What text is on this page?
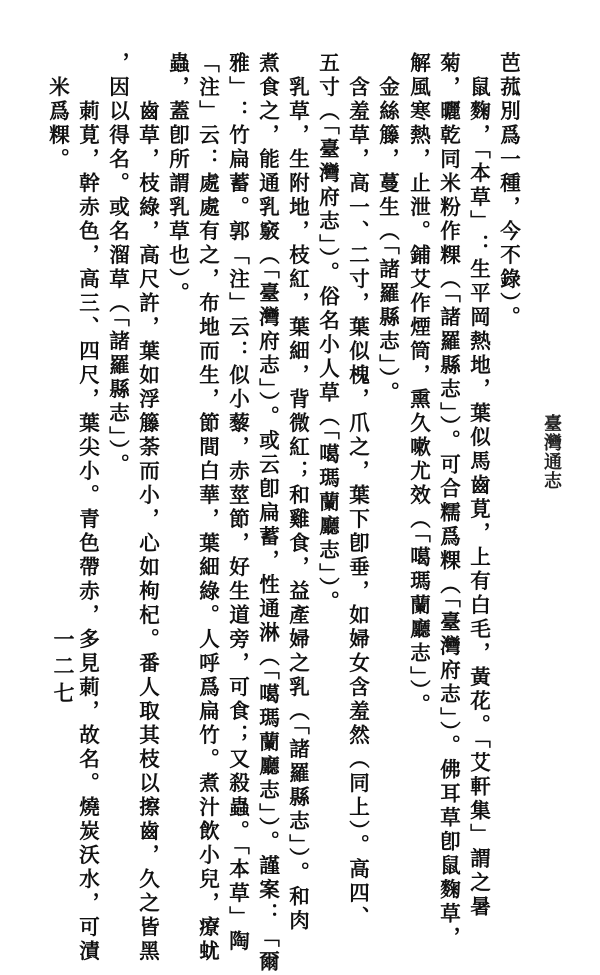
臺灣通志
芭菰別爲一種，今不錄）。
鼠麴，「本草」：生平岡熱地，葉似馬齒莧，上有白毛，黃花。「艾軒集」謂之暑
菊，曬乾同米粉作粿（「諸羅縣志」）。可合糯爲粿（「臺灣府志」）。佛耳草卽鼠麴草，
解風寒熱，止泄。鋪艾作煙筒，熏久嗽尤效（「噶瑪蘭廳志」）。
金絲籐，蔓生（「諸羅縣志」）。
含羞草，高一、二寸，葉似槐，爪之，葉下卽垂，如婦女含羞然（同上）。高四、
五寸（「臺灣府志」）。俗名小人草（「噶瑪蘭廳志」）。
乳草，生附地，枝紅，葉細，背微紅；和雞食，益產婦之乳（「諸羅縣志」）。和肉
煮食之，能通乳竅（「臺灣府志」）。或云卽扁蓄，性通淋（「噶瑪蘭廳志」）。謹案：「爾
雅」：竹扁蓄。郭「注」云：似小藜，赤莖節，好生道旁，可食；又殺蟲。「本草」陶
「注」云：處處有之，布地而生，節間白華，葉細綠。人呼爲扁竹。煮汁飲小兒，療蚘
蟲，蓋卽所謂乳草也）。
齒草，枝綠，高尺許，葉如浮籐荼而小，心如枸杞。番人取其枝以擦齒，久之皆黑
，因以得名。或名溜草（「諸羅縣志」）。
莿莧，幹赤色，高三、四尺，葉尖小。青色帶赤，多見莿，故名。燒炭沃水，可漬
米爲粿。
一二七
